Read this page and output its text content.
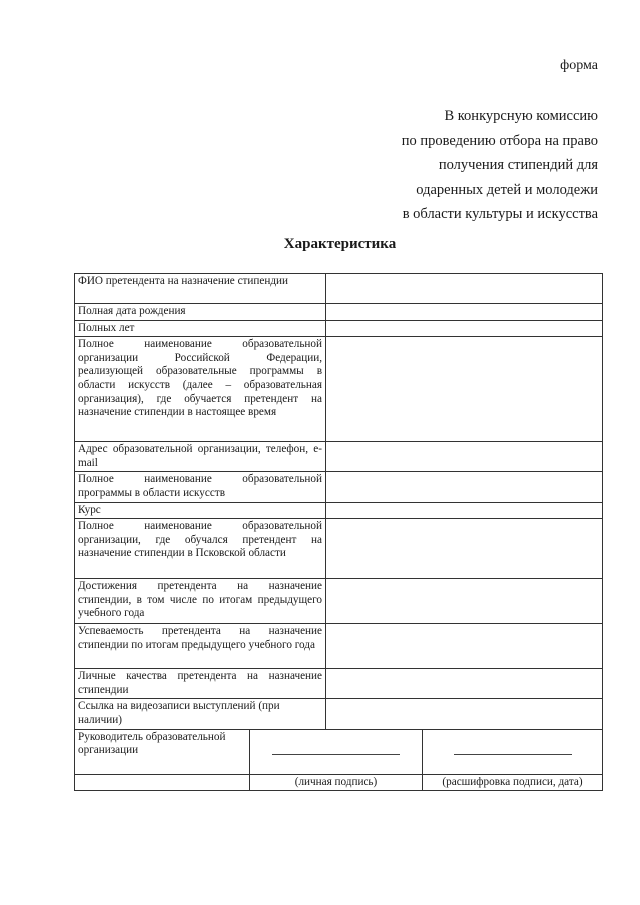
форма
В конкурсную комиссию
по проведению отбора на право
получения стипендий для
одаренных детей и молодежи
в области культуры и искусства
Характеристика
ФИО претендента на назначение стипендии			
Полная дата рождения			
Полных лет			
Полное наименование образовательной организации Российской Федерации, реализующей образовательные программы в области искусств (далее – образовательная организация), где обучается претендент на назначение стипендии в настоящее время			
Адрес образовательной организации, телефон, e-mail			
Полное наименование образовательной программы в области искусств			
Курс			
Полное наименование образовательной организации, где обучался претендент на назначение стипендии в Псковской области			
Достижения претендента на назначение стипендии, в том числе по итогам предыдущего учебного года			
Успеваемость претендента на назначение стипендии по итогам предыдущего учебного года			
Личные качества претендента на назначение стипендии			
Ссылка на видеозаписи выступлений (при наличии)			
Руководитель образовательной организации		

	(личная подпись)		(расшифровка подписи, дата)
